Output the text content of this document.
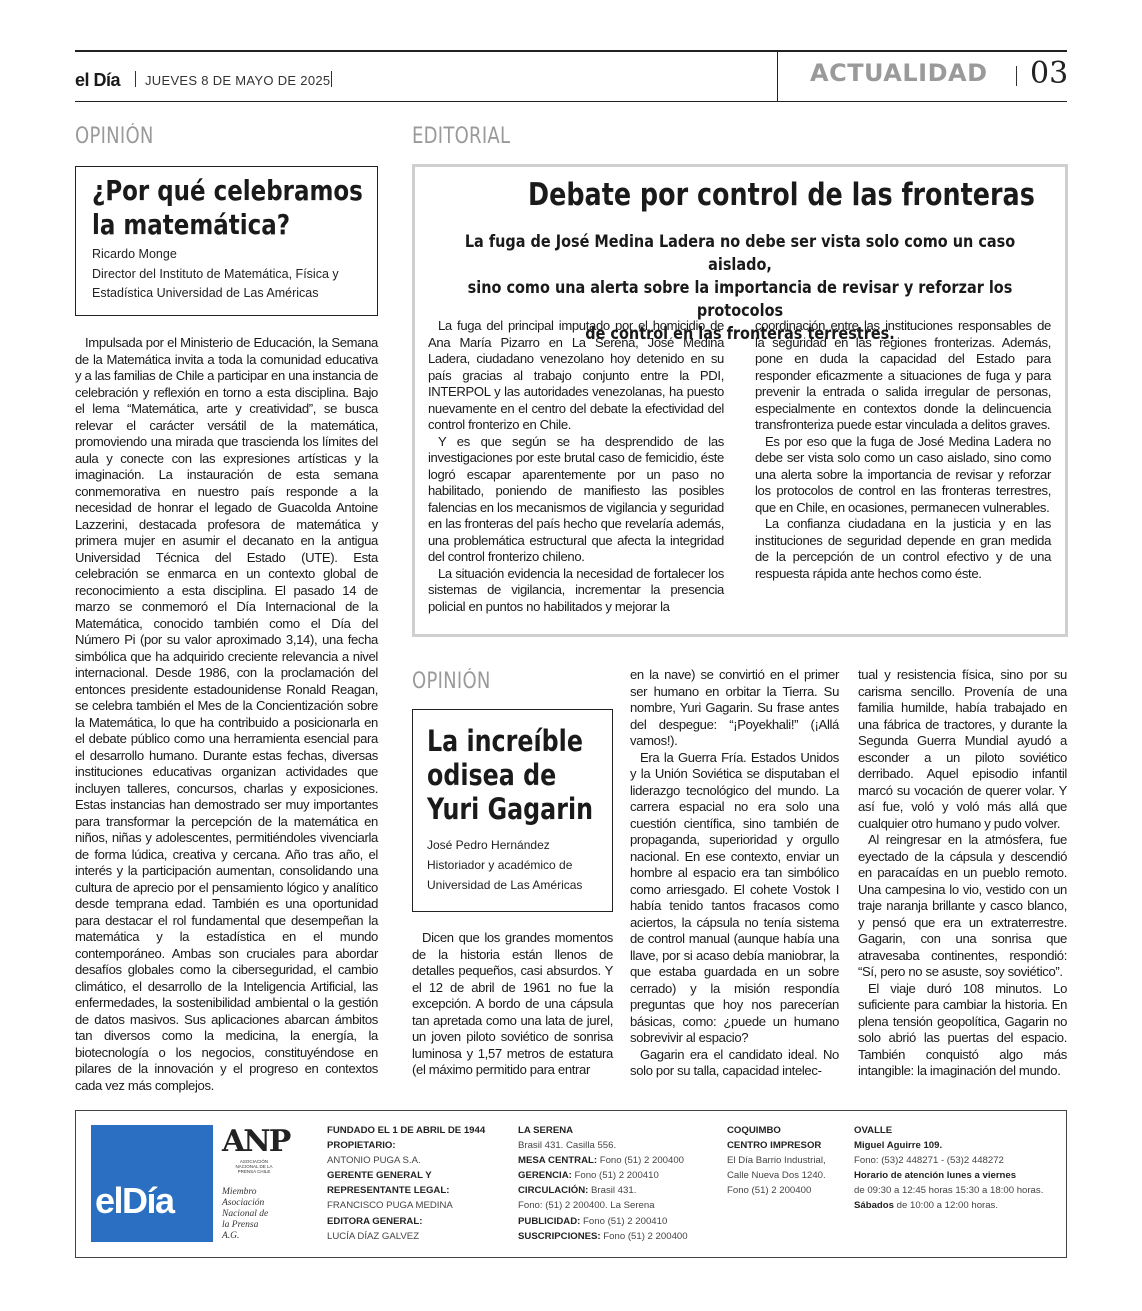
el Día JUEVES 8 DE MAYO DE 2025	ACTUALIDAD 03
OPINIÓN
¿Por qué celebramos
la matemática?
Ricardo Monge
Director del Instituto de Matemática, Física y
Estadística Universidad de Las Américas

Impulsada por el Ministerio de Educación, la Semana de la Matemática invita a toda la comunidad educativa y a las familias de Chile a participar en una instancia de celebración y reflexión en torno a esta disciplina. Bajo el lema “Matemática, arte y creatividad”, se busca relevar el carácter versátil de la matemática, promoviendo una mirada que trascienda los límites del aula y conecte con las expresiones artísticas y la imaginación. La instauración de esta semana conmemorativa en nuestro país responde a la necesidad de honrar el legado de Guacolda Antoine Lazzerini, destacada profesora de matemática y primera mujer en asumir el decanato en la antigua Universidad Técnica del Estado (UTE). Esta celebración se enmarca en un contexto global de reconocimiento a esta disciplina. El pasado 14 de marzo se conmemoró el Día Internacional de la Matemática, conocido también como el Día del Número Pi (por su valor aproximado 3,14), una fecha simbólica que ha adquirido creciente relevancia a nivel internacional. Desde 1986, con la proclamación del entonces presidente estadounidense Ronald Reagan, se celebra también el Mes de la Concientización sobre la Matemática, lo que ha contribuido a posicionarla en el debate público como una herramienta esencial para el desarrollo humano. Durante estas fechas, diversas instituciones educativas organizan actividades que incluyen talleres, concursos, charlas y exposiciones. Estas instancias han demostrado ser muy importantes para transformar la percepción de la matemática en niños, niñas y adolescentes, permitiéndoles vivenciarla de forma lúdica, creativa y cercana. Año tras año, el interés y la participación aumentan, consolidando una cultura de aprecio por el pensamiento lógico y analítico desde temprana edad. También es una oportunidad para destacar el rol fundamental que desempeñan la matemática y la estadística en el mundo contemporáneo. Ambas son cruciales para abordar desafíos globales como la ciberseguridad, el cambio climático, el desarrollo de la Inteligencia Artificial, las enfermedades, la sostenibilidad ambiental o la gestión de datos masivos. Sus aplicaciones abarcan ámbitos tan diversos como la medicina, la energía, la biotecnología o los negocios, constituyéndose en pilares de la innovación y el progreso en contextos cada vez más complejos.

EDITORIAL
Debate por control de las fronteras
La fuga de José Medina Ladera no debe ser vista solo como un caso aislado,
sino como una alerta sobre la importancia de revisar y reforzar los protocolos
de control en las fronteras terrestres.

La fuga del principal imputado por el homicidio de Ana María Pizarro en La Serena, José Medina Ladera, ciudadano venezolano hoy detenido en su país gracias al trabajo conjunto entre la PDI, INTERPOL y las autoridades venezolanas, ha puesto nuevamente en el centro del debate la efectividad del control fronterizo en Chile.

Y es que según se ha desprendido de las investigaciones por este brutal caso de femicidio, éste logró escapar aparentemente por un paso no habilitado, poniendo de manifiesto las posibles falencias en los mecanismos de vigilancia y seguridad en las fronteras del país hecho que revelaría además, una problemática estructural que afecta la integridad del control fronterizo chileno.

La situación evidencia la necesidad de fortalecer los sistemas de vigilancia, incrementar la presencia policial en puntos no habilitados y mejorar la

coordinación entre las instituciones responsables de la seguridad en las regiones fronterizas. Además, pone en duda la capacidad del Estado para responder eficazmente a situaciones de fuga y para prevenir la entrada o salida irregular de personas, especialmente en contextos donde la delincuencia transfronteriza puede estar vinculada a delitos graves.

Es por eso que la fuga de José Medina Ladera no debe ser vista solo como un caso aislado, sino como una alerta sobre la importancia de revisar y reforzar los protocolos de control en las fronteras terrestres, que en Chile, en ocasiones, permanecen vulnerables.

La confianza ciudadana en la justicia y en las instituciones de seguridad depende en gran medida de la percepción de un control efectivo y de una respuesta rápida ante hechos como éste.

OPINIÓN
La increíble
odisea de
Yuri Gagarin
José Pedro Hernández
Historiador y académico de
Universidad de Las Américas

Dicen que los grandes momentos de la historia están llenos de detalles pequeños, casi absurdos. Y el 12 de abril de 1961 no fue la excepción. A bordo de una cápsula tan apretada como una lata de jurel, un joven piloto soviético de sonrisa luminosa y 1,57 metros de estatura (el máximo permitido para entrar

en la nave) se convirtió en el primer ser humano en orbitar la Tierra. Su nombre, Yuri Gagarin. Su frase antes del despegue: “¡Poyekhali!” (¡Allá vamos!).

Era la Guerra Fría. Estados Unidos y la Unión Soviética se disputaban el liderazgo tecnológico del mundo. La carrera espacial no era solo una cuestión científica, sino también de propaganda, superioridad y orgullo nacional. En ese contexto, enviar un hombre al espacio era tan simbólico como arriesgado. El cohete Vostok I había tenido tantos fracasos como aciertos, la cápsula no tenía sistema de control manual (aunque había una llave, por si acaso debía maniobrar, la que estaba guardada en un sobre cerrado) y la misión respondía preguntas que hoy nos parecerían básicas, como: ¿puede un humano sobrevivir al espacio?

Gagarin era el candidato ideal. No solo por su talla, capacidad intelec-

tual y resistencia física, sino por su carisma sencillo. Provenía de una familia humilde, había trabajado en una fábrica de tractores, y durante la Segunda Guerra Mundial ayudó a esconder a un piloto soviético derribado. Aquel episodio infantil marcó su vocación de querer volar. Y así fue, voló y voló más allá que cualquier otro humano y pudo volver.

Al reingresar en la atmósfera, fue eyectado de la cápsula y descendió en paracaídas en un pueblo remoto. Una campesina lo vio, vestido con un traje naranja brillante y casco blanco, y pensó que era un extraterrestre. Gagarin, con una sonrisa que atravesaba continentes, respondió: “Sí, pero no se asuste, soy soviético”.

El viaje duró 108 minutos. Lo suficiente para cambiar la historia. En plena tensión geopolítica, Gagarin no solo abrió las puertas del espacio. También conquistó algo más intangible: la imaginación del mundo.

elDía
ANP
ASOCIACIÓN NACIONAL DE LA PRENSA CHILE
Miembro
Asociación
Nacional de
la Prensa
A.G.
FUNDADO EL 1 DE ABRIL DE 1944
PROPIETARIO:
ANTONIO PUGA S.A.
GERENTE GENERAL Y
REPRESENTANTE LEGAL:
FRANCISCO PUGA MEDINA
EDITORA GENERAL:
LUCÍA DÍAZ GALVEZ
LA SERENA
Brasil 431. Casilla 556.
MESA CENTRAL: Fono (51) 2 200400
GERENCIA: Fono (51) 2 200410
CIRCULACIÓN: Brasil 431.
Fono: (51) 2 200400. La Serena
PUBLICIDAD: Fono (51) 2 200410
SUSCRIPCIONES: Fono (51) 2 200400
COQUIMBO
CENTRO IMPRESOR
El Día Barrio Industrial,
Calle Nueva Dos 1240.
Fono (51) 2 200400
OVALLE
Miguel Aguirre 109.
Fono: (53)2 448271 - (53)2 448272
Horario de atención lunes a viernes
de 09:30 a 12:45 horas 15:30 a 18:00 horas.
Sábados de 10:00 a 12:00 horas.
